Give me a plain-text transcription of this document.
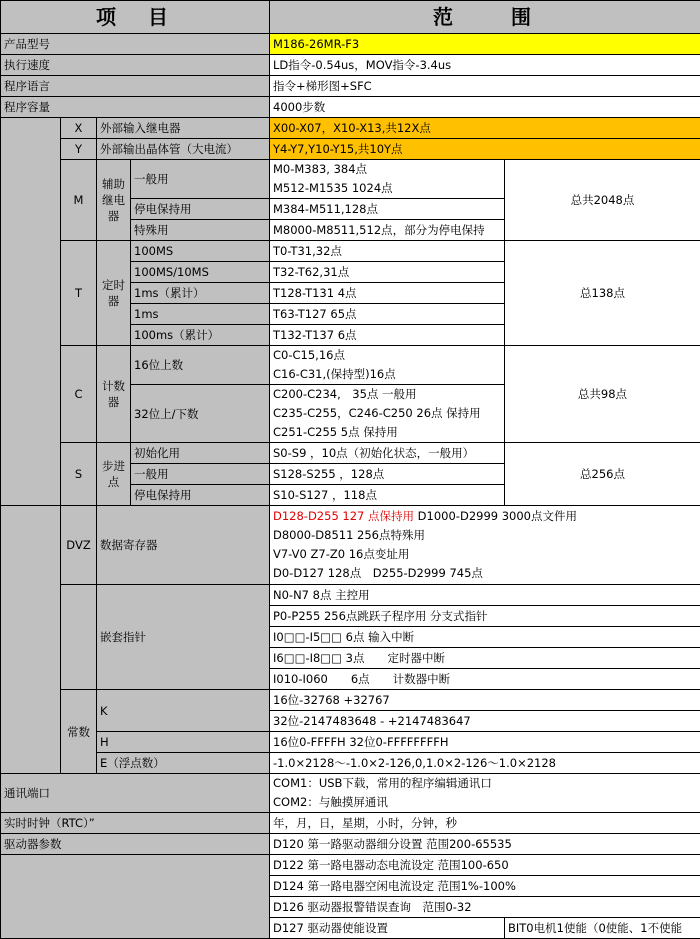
项　目				范　　围	
产品型号				M186-26MR-F3	
执行速度				LD指令-0.54us，MOV指令-3.4us	
程序语言				指令+梯形图+SFC	
程序容量				4000步数	
	X	外部输入继电器		X00-X07，X10-X13,共12X点	
	Y	外部输出晶体管（大电流）		Y4-Y7,Y10-Y15,共10Y点	
	M	辅助继电器	一般用	M0-M383, 384点
M512-M1535 1024点	总共2048点
			停电保持用	M384-M511,128点	
			特殊用	M8000-M8511,512点，部分为停电保持	
	T	定时器	100MS	T0-T31,32点	总138点
			100MS/10MS	T32-T62,31点	
			1ms（累计）	T128-T131 4点	
			1ms	T63-T127 65点	
			100ms（累计）	T132-T137 6点	
	C	计数器	16位上数	C0-C15,16点
C16-C31,(保持型)16点	总共98点
			32位上/下数	C200-C234,　35点 一般用
C235-C255，C246-C250 26点 保持用
C251-C255 5点 保持用	

	S	步进点	初始化用	S0-S9 ，10点（初始化状态，一般用）	总256点
			一般用	S128-S255 ，128点	
			停电保持用	S10-S127 ，118点	
	DVZ	数据寄存器		D128-D255 127 点保持用 D1000-D2999 3000点文件用
D8000-D8511 256点特殊用
V7-V0 Z7-Z0 16点变址用
D0-D127 128点　D255-D2999 745点	

		嵌套指针		N0-N7 8点 主控用	
				P0-P255 256点跳跃子程序用 分支式指针	
				I0□□-I5□□ 6点 输入中断	
				I6□□-I8□□ 3点　　定时器中断	
				I010-I060　　6点　　计数器中断	
	常数	K		16位-32768 +32767	
				32位-2147483648 - +2147483647	
		H		16位0-FFFFH 32位0-FFFFFFFFH	
		E（浮点数）		-1.0×2128～-1.0×2-126,0,1.0×2-126～1.0×2128	
通讯端口				COM1：USB下载，常用的程序编辑通讯口
COM2：与触摸屏通讯	

实时时钟（RTC）”				年，月，日，星期，小时，分钟，秒	
驱动器参数				D120 第一路驱动器细分设置 范围200-65535	
				D122 第一路电器动态电流设定 范围100-650	
				D124 第一路电器空闲电流设定 范围1%-100%	
				D126 驱动器报警错误查询　范围0-32	
				D127 驱动器使能设置	BIT0电机1使能（0使能、1不使能
